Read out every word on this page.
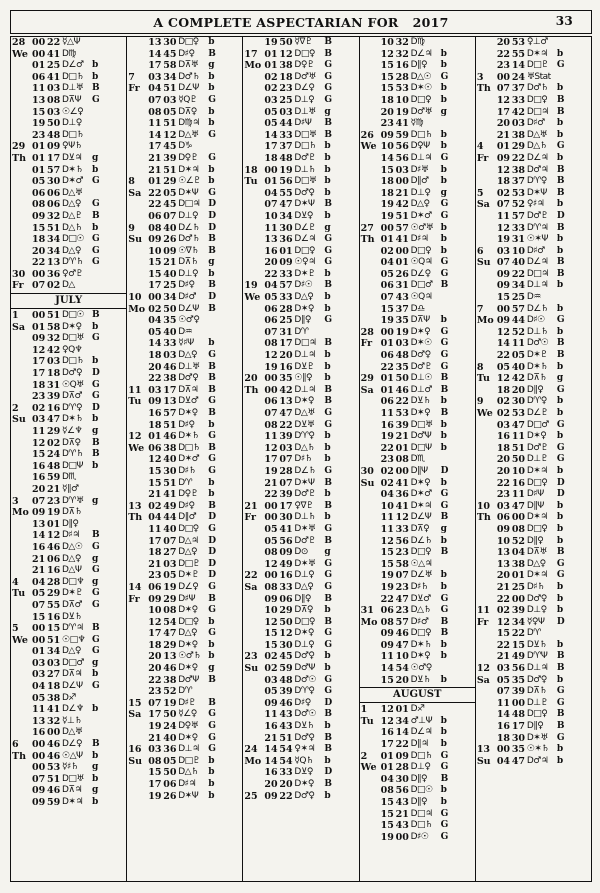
A COMPLETE ASPECTARIAN FOR 2017	33
28 00 22 ☿△Ψ
We 00 41 D♍
01 25 D∠♂ b
06 41 D□♄ b
11 03 D⊥♅ B
13 08 D⊼Ψ	G
15 03 ☉∠♀
19 50 D⊥♀
23 48 D□♄
29 01 09 ♀Ψ♄
Th 01 17 D⊻♃	g
01 57 D✶♄ b
05 30 D✶♂ G
06 06 D△♅
08 06 D△♀	G
09 32 D△♇	B
15 51 D△♄	b
18 34 D□☉ G
20 34 D△♀	G
22 13 D♈♄ G
30 00 36 ♀♂♇
Fr 07 02 D△
JULY
1	00 51 D□☉ B
Sa 01 58 D✶♀	b
09 32 D□♅ G
12 42 ♀Q♆
17 03 D□♄ b
17 18 D♂♀	D
18 31 ☉Q♅ G
23 39 D⊼♂	G
2	02 16 D♈♀	D
Su 03 47 D✶♄ b
11 29 ☿∠♆	g
12 02 D⊼♀	B
15 24 D♈♄ B
16 48 D□Ψ b
16 59 D♏
20 21 ☿∥♂
3	07 23 D♈♅ g
Mo 09 19 D⊼♄
13 01 D∥♀
14 12 D♯♃	B
16 46 D△☉	G
21 06 D△♀	g
21 16 D△Ψ	G
4	04 28 D□♆ g
Tu 05 29 D✶♇ G
07 55 D⊼♂	G
15 16 D⊻♄
5	00 15 D♈♃ B
We 00 51 ☉□♆ G
01 34 D△♀	G
03 03 D□♂ g
03 27 D⊼♃	b
04 18 D∠Ψ	G
05 38 D♐
11 41 D∠♆ b
13 32 ☿⊥♄
16 00 D△♅
6	00 46 D∠♀	B
Th 00 46 ☉△Ψ	b
00 53 ☿♯♄	g
07 51 D□♅ b
09 46 D⊼♃	g
09 59 D✶♃ b
13 30 D□♀	b
14 45 D♯♀	B
17 58 D⊼♅	g
7	03 34 D♂♄ b
Fr 04 51 D∠Ψ	b
07 03 ☿Q♇	G
08 05 D⊼♀	b
11 51 D♍♃ b
14 12 D△♅	G
17 45 D♑
21 39 D♀♇	G
21 51 D✶♃ b
8	01 29 ☉∠♇ b
Sa 22 05 D✶Ψ	G
22 45 D□♃ D
06 07 D⊥♀	D
9	08 40 D∠♄ D
Su 09 26 D♂♄ B
10 09 ☉∇♄	B
15 21 D⊼♄	g
15 40 D⊥♀	b
17 25 D♯♀	B
10 00 34 D♯♂	D
Mo 02 50 D∠Ψ	B
04 35 ☉♂♀
05 40 D♒
14 33 ☿♯Ψ	b
18 03 D△♀	G
20 46 D⊥♅ B
22 38 D♂♀	B
11 03 17 D⊼♃	B
Tu 09 13 D⊻♂	G
16 57 D✶♀	B
18 51 D♯♀	b
12 01 46 D✶♄ G
We 06 38 D□♄ B
12 40 D✶♂ G
15 30 D♯♄	G
15 51 D♈	b
21 41 D♀♇	b
13 02 49 D♯♀	B
Th 04 44 D∥♂	D
11 40 D□♀	G
17 07 D△♃	D
18 27 D△♀	D
21 03 D□♇ D
23 05 D✶♇ D
14 06 19 D∠♀	G
Fr 09 29 D♯Ψ	B
10 08 D✶♀	G
12 54 D□♀	b
17 47 D△♀	G
18 29 D✶♀	b
20 13 ☉♂♄ b
20 46 D✶♀	g
22 38 D♂Ψ	B
23 52 D♈
15 07 19 D♯♇	B
Sa 17 50 ☿∠♀	G
19 24 D♀♅	G
21 40 D✶♀	G
16 03 36 D⊥♃ G
Su 08 05 D□♇ b
15 50 D△♄	b
17 06 D♯♃	b
19 26 D✶Ψ	b
19 50 ☿∇♇	B
17 01 12 D□♀	B
Mo 01 38 D♀♇	G
02 18 D♂♅ G
02 23 D∠♀	G
03 25 D⊥♀	G
05 03 D⊥♅ g
05 44 D♯Ψ	B
14 33 D□♅ B
17 37 D□♄ b
18 48 D♂♇ b
18 00 19 D⊥♄ b
Tu 01 56 D□♅ b
04 55 D♂♀	b
07 47 D✶Ψ	B
10 34 D⊻♀	b
11 30 D∠♇ g
13 36 D∠♃ G
16 01 D□♀	G
20 09 ☉♀♃ G
22 33 D✶♇ b
19 04 57 D♯☉	B
We 05 33 D△♀	b
06 28 D✶♀	b
06 25 D∥♀	G
07 31 D♈
08 17 D□♃ B
12 20 D⊥♃ b
19 16 D⊻♇	b
20 00 35 ☉∥♀	b
Th 00 42 D⊥♃ B
06 13 D✶♀	B
07 47 D△♅	G
08 22 D⊻♅	G
11 39 D♈♀	b
12 03 D△♄	b
17 07 D♯♄	b
19 28 D∠♄ G
21 07 D✶Ψ	B
22 39 D♂♇ b
21 00 17 ♀∇♇	B
Fr 00 30 D⊥♄ b
05 41 D✶♅ G
05 56 D♂♇ B
08 09 D⊙	g
12 49 D✶♅ G
22 00 16 D⊥♀	G
Sa 08 33 D△♀	G
09 06 D∥♀	B
10 29 D⊼♀	b
12 50 D□♀	B
15 12 D✶♀	G
15 30 D⊥♀	G
23 02 45 D♂♀	b
Su 02 59 D♂Ψ	b
03 48 D♂☉ G
05 39 D♈♀	G
09 46 D♯♀	D
11 43 D♂☉ B
16 43 D⊻♄	b
21 51 D♂♀	B
24 14 54 ♀✶♃	B
Mo 14 54 ☿Q♄	b
16 33 D⊻♀	D
20 20 D✶♀	B
25 09 22 D♂♀	b
10 32 D♍
12 32 D∠♃ b
15 16 D∥♀	b
15 28 D△☉	G
15 53 D✶☉ b
18 10 D□♀	b
20 19 D♂♅ g
23 41 ☿♍
26 09 59 D□♄ b
We 10 56 D♀Ψ	b
14 56 D⊥♃ G
15 03 D♯♅	b
18 00 D∥♂	b
18 21 D⊥♀	g
19 42 D△♀	G
19 51 D✶♂ G
27 00 57 ☉♂♅ b
Th 01 41 D♯♃	b
02 00 D□♀	b
04 01 ☉Q♃ G
05 26 D∠♀	G
06 31 D□♂ B
07 43 ☉Q♃
15 37 D♎
19 35 D⊼Ψ	b
28 00 19 D✶♀	G
Fr 01 03 D✶☉ G
06 48 D♂♀	G
22 35 D♂♇ G
29 01 50 D⊥☉ B
Sa 01 46 D⊥♂ B
06 22 D⊻♄	b
11 53 D✶♀	B
16 39 D□♅ b
19 21 D♂Ψ	b
22 01 D□Ψ b
23 08 D♏
30 02 00 D∥Ψ	D
Su 02 41 D✶♀	b
04 36 D✶♂ G
10 41 D✶♃ G
11 12 D∠Ψ	B
11 33 D⊼♀	g
12 56 D∠♄ b
15 23 D□♀	B
15 58 ☉△♃
19 07 D∠♅ b
19 23 D♯♄	b
22 47 D⊻♂	G
31 06 23 D△♄	G
Mo 08 57 D♯♂	B
09 46 D□♀	B
09 47 D✶♄ b
11 10 D✶♀	b
14 54 ☉♂♀
15 20 D⊻♄	b
AUGUST
1	12 01 D♐
Tu 12 34 ♂⊥Ψ b
16 14 D∠♃ b
17 22 D∥♃	b
2	01 09 D□♄ G
We 01 28 D⊥♀	G
04 30 D∥♀	B
08 56 D□☉ b
15 43 D∥♀	b
15 21 D□♃ G
15 43 D□♄ G
19 00 D♯☉	G
20 53 ♀⊥♂
22 55 D✶♃ b
23 14 D□♇ G
3	00 24 ♅Stat
Th 07 37 D♂♄ b
12 33 D□♀	B
17 42 D□♃ B
20 03 D♯♂	b
21 38 D△♅	b
4	01 29 D△♄	G
Fr 09 22 D∠♃ b
12 38 D♂♃ B
18 37 D♈♀	B
5	02 53 D✶Ψ	B
Sa 07 52 ♀♯♃	b
11 57 D♂♇ D
12 33 D♈♃ B
19 31 ☉✶Ψ b
6	03 10 D♯♂	b
Su 07 40 D∠♃ B
09 22 D□♃ B
09 34 D⊥♃ b
15 25 D♒
7	00 57 D∠♄ b
Mo 09 44 D♯☉	G
12 52 D⊥♄ b
14 11 D♂☉ B
22 05 D✶♇ B
8	05 40 D✶♄ b
Tu 12 42 D⊼♄	g
18 20 D∥♀	G
9	02 30 D♈♀	b
We 02 53 D∠♇ b
03 47 D□♂ G
16 11 D✶♀	b
18 51 D♂♇ G
20 50 D⊥♇ G
20 10 D✶♃ b
22 16 D□♀	D
23 11 D♯Ψ	D
10 03 47 D∥Ψ	b
Th 06 00 D✶♃ b
09 08 D□♀	b
10 52 D∥♀	b
13 04 D⊼♅	B
13 38 D△♀	G
20 01 D✶♃ G
21 25 D♯♄	b
22 00 D♂♀	b
11 02 39 D⊥♀	b
Fr 12 34 ☿♀Ψ	D
15 22 D♈
22 15 D⊻♄	b
21 49 D♈Ψ	B
12 03 56 D⊥♃ B
Sa 05 35 D♂♀	b
07 39 D⊼♄	G
11 00 D⊥♇ G
14 48 D□♀	B
16 17 D∥♀	B
18 30 D✶♅ G
13 00 35 ☉✶♄ b
Su 04 47 D♂♃ b
